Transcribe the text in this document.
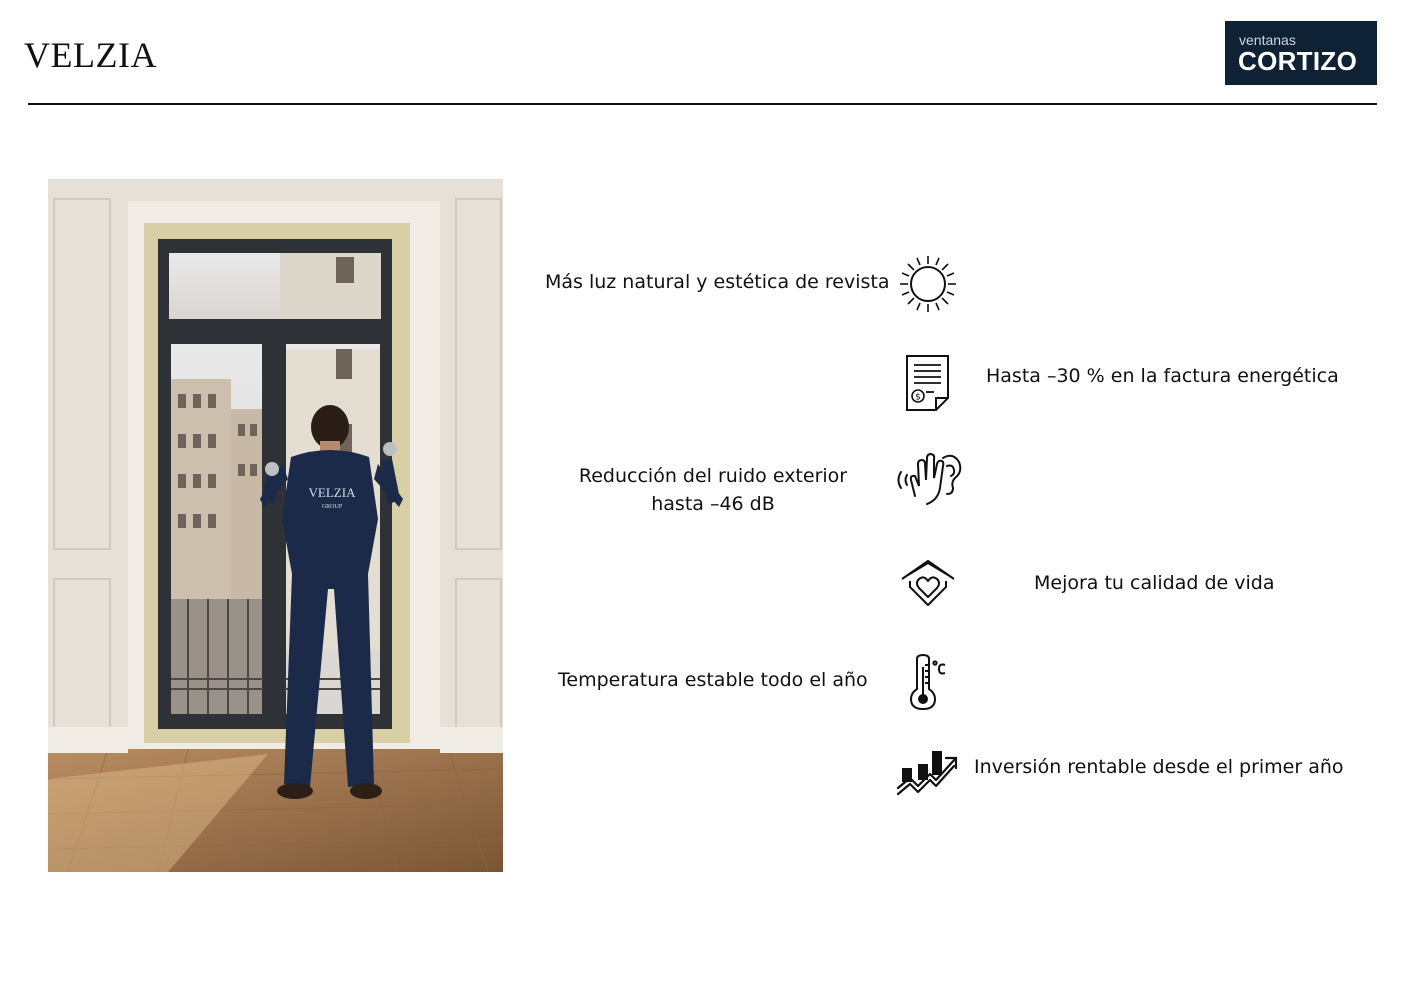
VELZIA	ventanas
CORTIZO
VELZIA
GROUP
Más luz natural y estética de revista
$
Hasta –30 % en la factura energética
Reducción del ruido exterior
hasta –46 dB
Mejora tu calidad de vida
Temperatura estable todo el año
Inversión rentable desde el primer año
